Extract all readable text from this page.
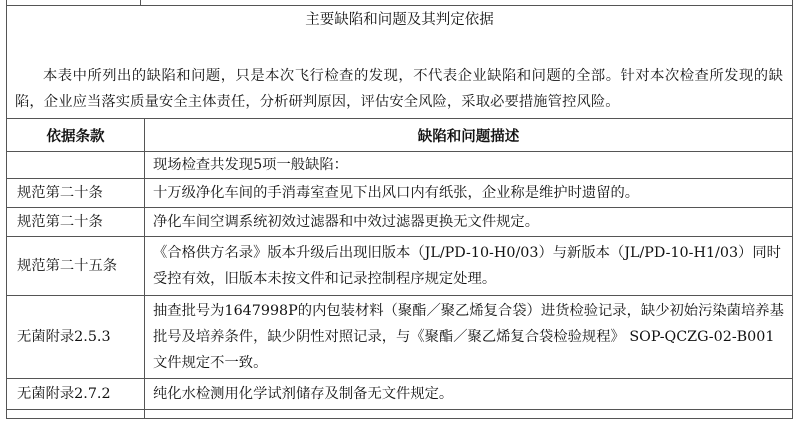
主要缺陷和问题及其判定依据

本表中所列出的缺陷和问题，只是本次飞行检查的发现，不代表企业缺陷和问题的全部。针对本次检查所发现的缺陷，企业应当落实质量安全主体责任，分析研判原因，评估安全风险，采取必要措施管控风险。

依据条款	缺陷和问题描述
	现场检查共发现5项一般缺陷：
规范第二十条	十万级净化车间的手消毒室查见下出风口内有纸张，企业称是维护时遗留的。
规范第二十条	净化车间空调系统初效过滤器和中效过滤器更换无文件规定。
规范第二十五条	《合格供方名录》版本升级后出现旧版本（JL/PD-10-H0/03）与新版本（JL/PD-10-H1/03）同时受控有效，旧版本未按文件和记录控制程序规定处理。
无菌附录2.5.3	抽查批号为1647998P的内包装材料（聚酯／聚乙烯复合袋）进货检验记录，缺少初始污染菌培养基批号及培养条件，缺少阴性对照记录，与《聚酯／聚乙烯复合袋检验规程》 SOP-QCZG-02-B001文件规定不一致。
无菌附录2.7.2	纯化水检测用化学试剂储存及制备无文件规定。
